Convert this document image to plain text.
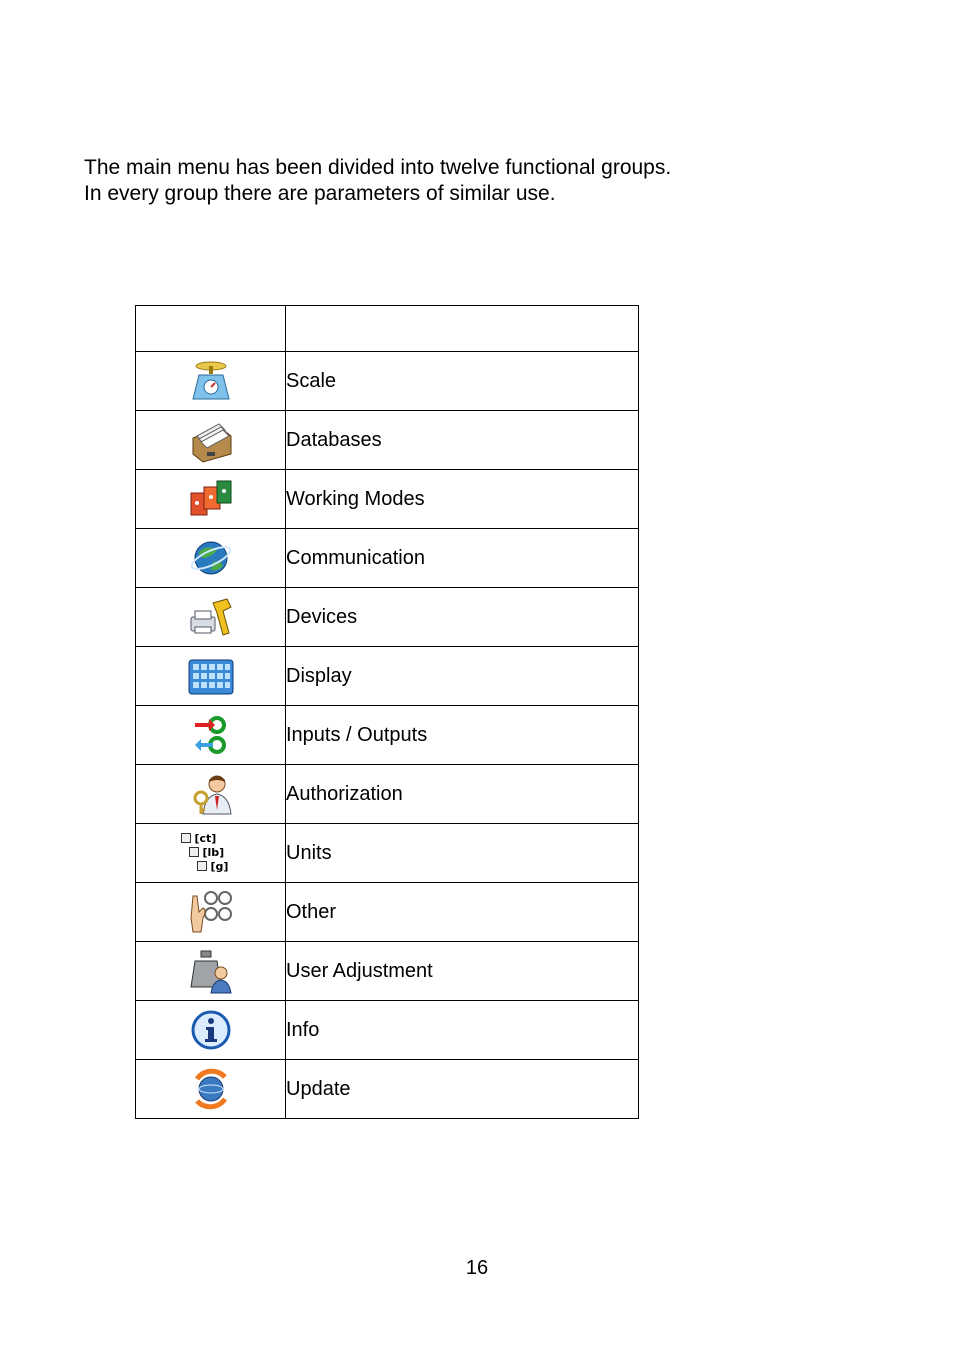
The main menu has been divided into twelve functional groups.
In every group there are parameters of similar use.

	Scale

	Databases

	Working Modes

	Communication

	Devices

	Display

	Inputs / Outputs

	Authorization

[ct]
[lb]
[g]	Units

	Other

	User Adjustment

	Info

	Update
16
